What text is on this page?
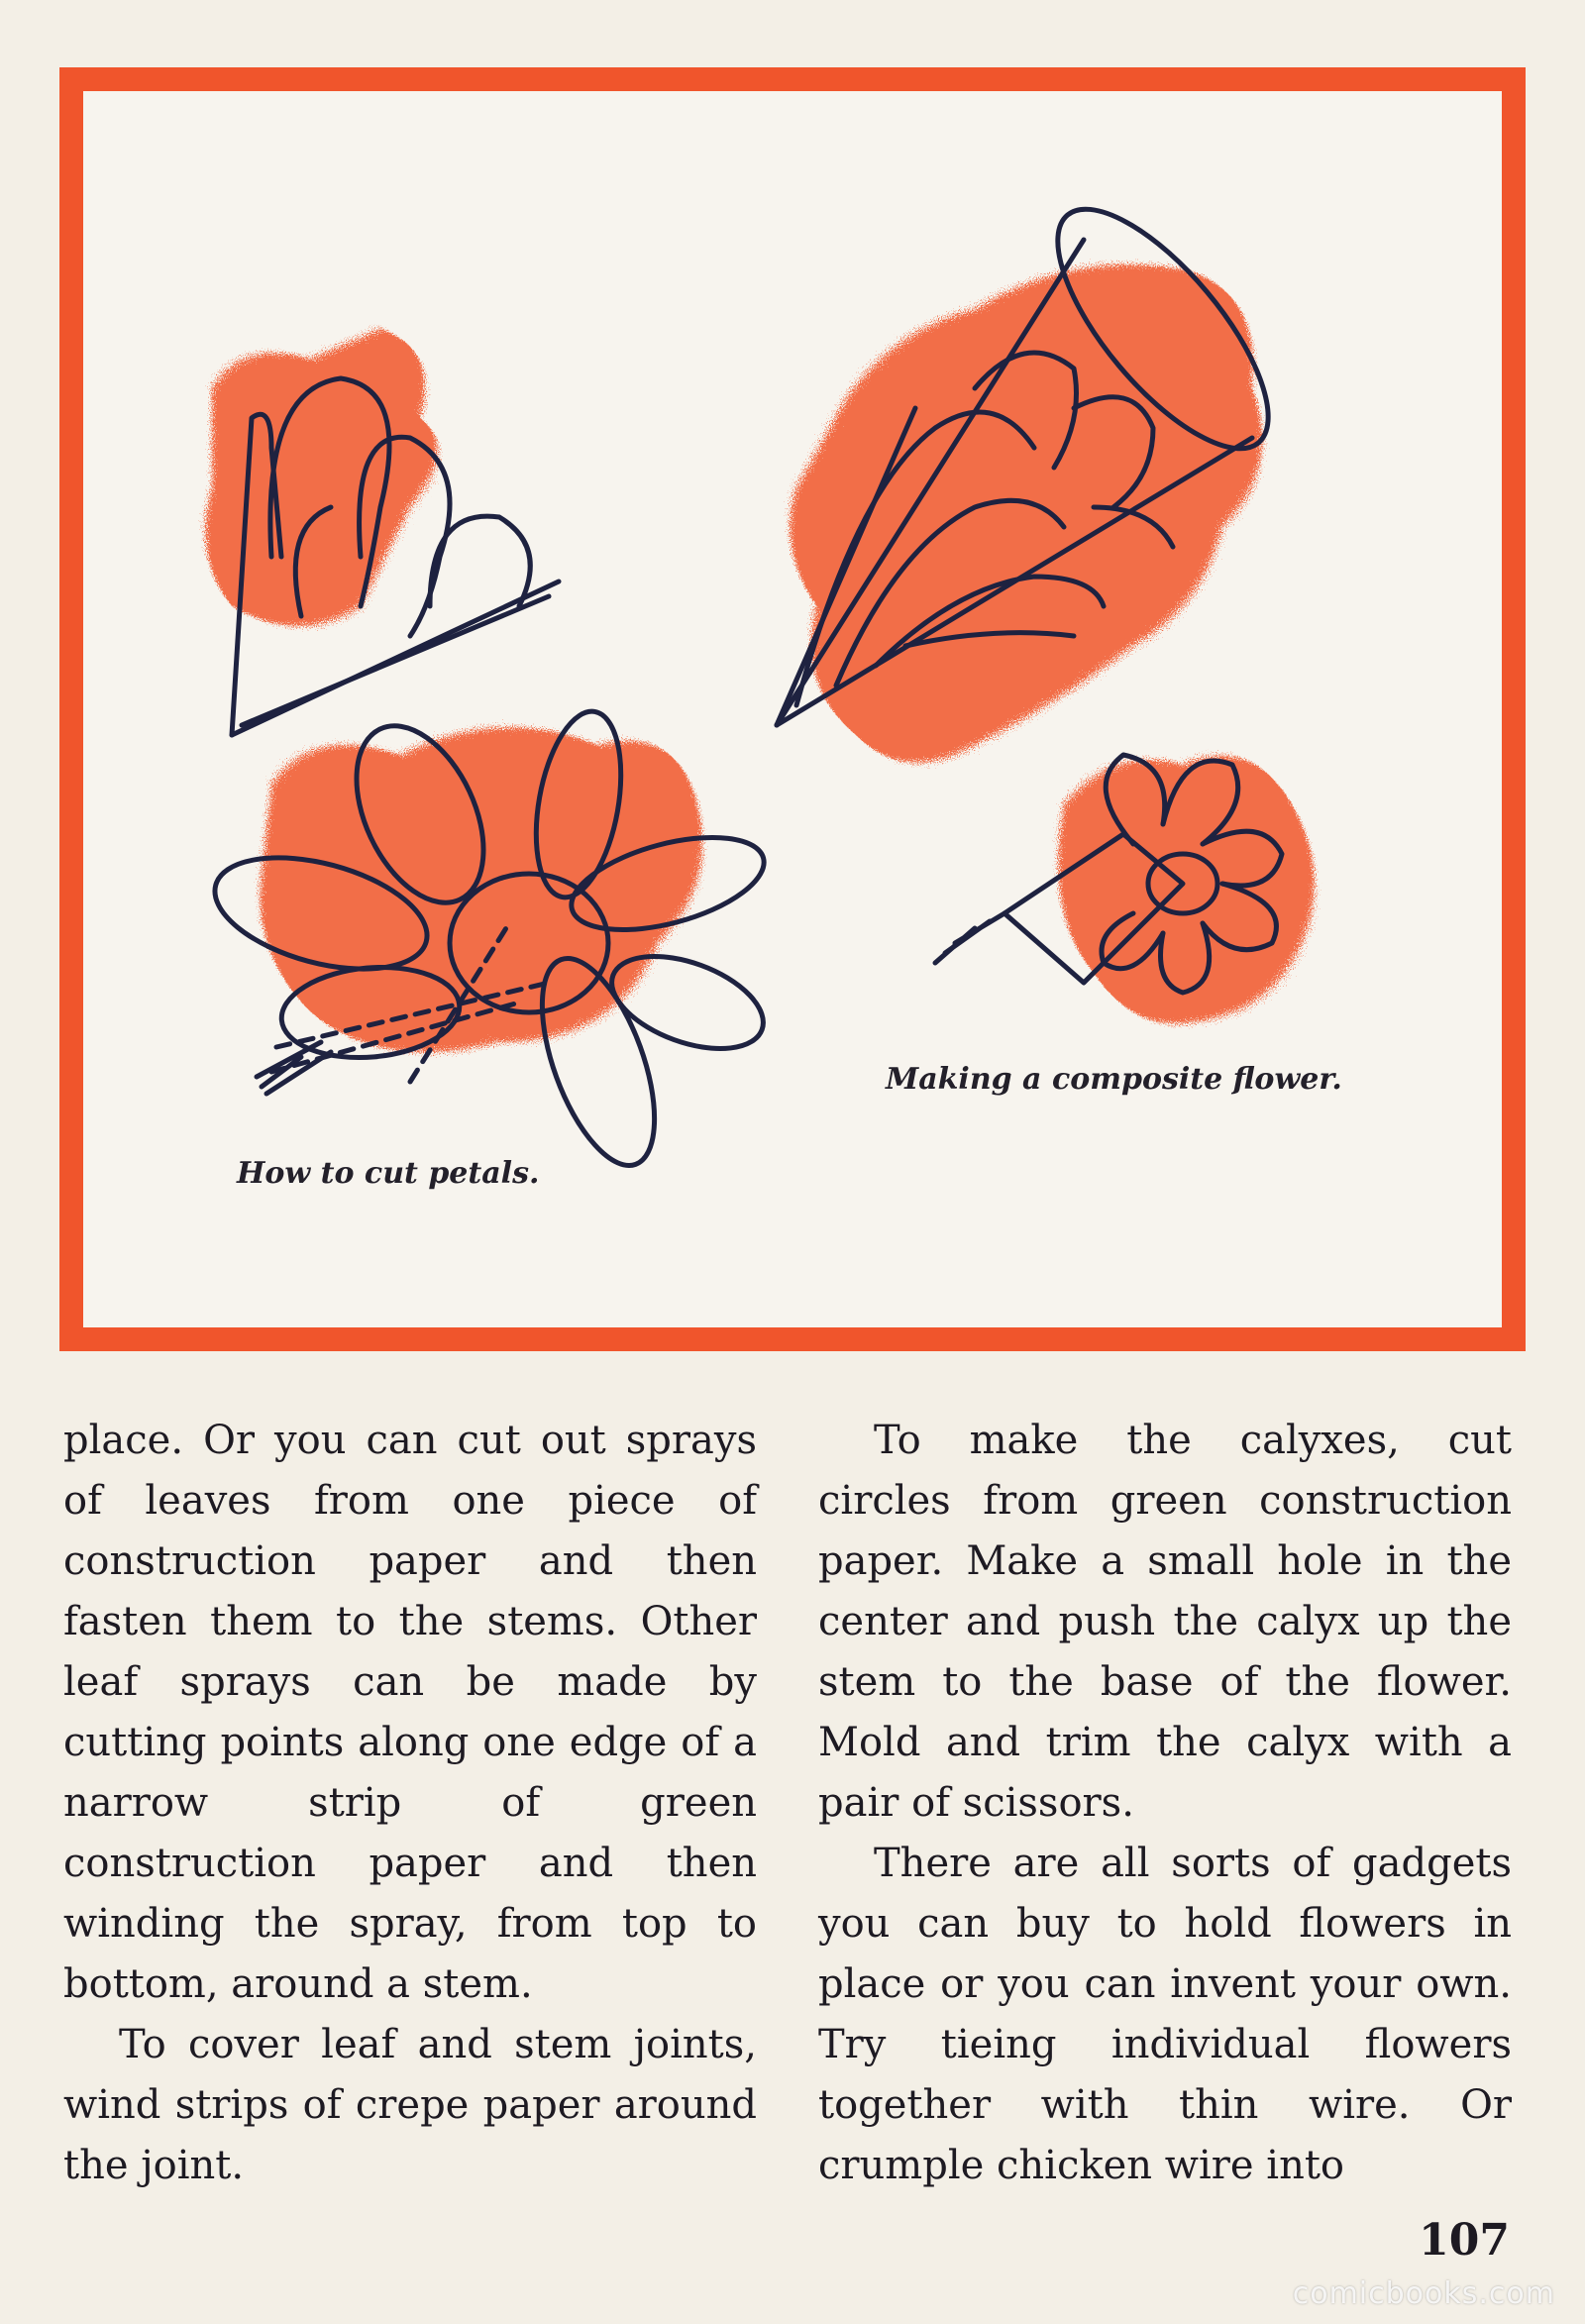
How to cut petals.
Making a composite flower.

place. Or you can cut out sprays of leaves from one piece of construction paper and then fasten them to the stems. Other leaf sprays can be made by cutting points along one edge of a narrow strip of green construction paper and then winding the spray, from top to bottom, around a stem.

To cover leaf and stem joints, wind strips of crepe paper around the joint.

To make the calyxes, cut circles from green construction paper. Make a small hole in the center and push the calyx up the stem to the base of the flower. Mold and trim the calyx with a pair of scissors.

There are all sorts of gadgets you can buy to hold flowers in place or you can invent your own. Try tieing individual flowers together with thin wire. Or crumple chicken wire into

107
comicbooks.com
